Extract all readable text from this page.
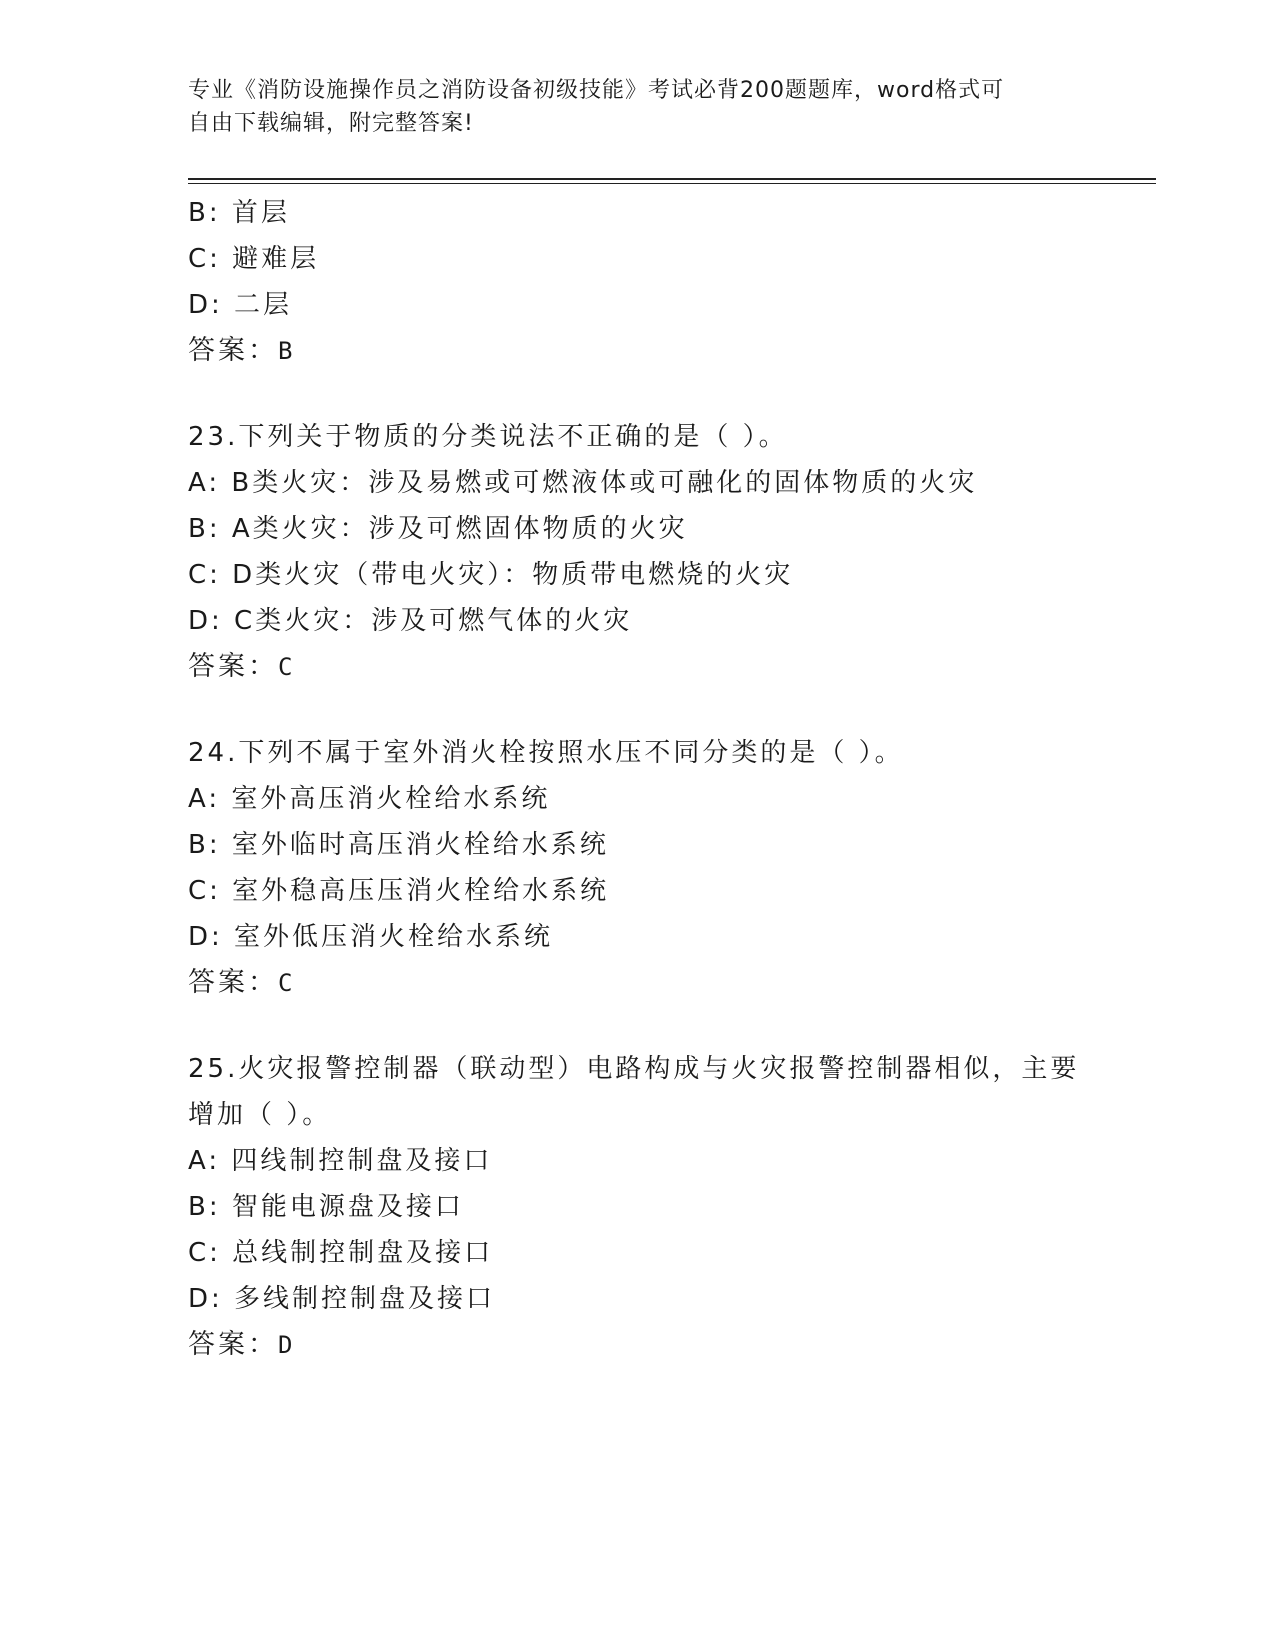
专业《消防设施操作员之消防设备初级技能》考试必背200题题库，word格式可
自由下载编辑，附完整答案!
B: 首层
C: 避难层
D: 二层
答案：B
23.下列关于物质的分类说法不正确的是（ ）。
A: B类火灾：涉及易燃或可燃液体或可融化的固体物质的火灾
B: A类火灾：涉及可燃固体物质的火灾
C: D类火灾（带电火灾）：物质带电燃烧的火灾
D: C类火灾：涉及可燃气体的火灾
答案：C
24.下列不属于室外消火栓按照水压不同分类的是（ ）。
A: 室外高压消火栓给水系统
B: 室外临时高压消火栓给水系统
C: 室外稳高压压消火栓给水系统
D: 室外低压消火栓给水系统
答案：C
25.火灾报警控制器（联动型）电路构成与火灾报警控制器相似，主要
增加（ ）。
A: 四线制控制盘及接口
B: 智能电源盘及接口
C: 总线制控制盘及接口
D: 多线制控制盘及接口
答案：D
